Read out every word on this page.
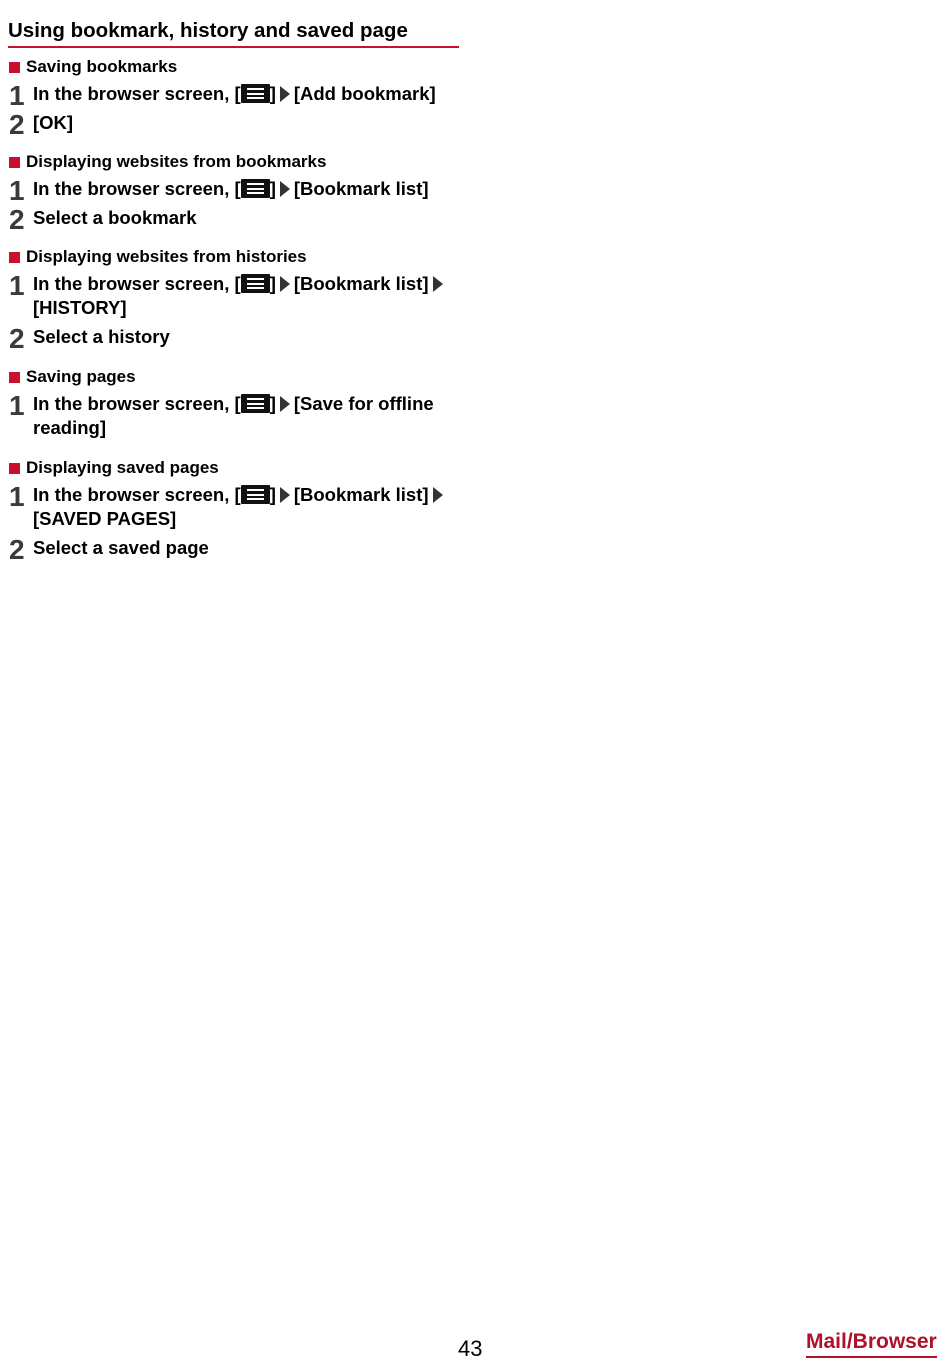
Using bookmark, history and saved page
Saving bookmarks
1 In the browser screen, [ ] [Add bookmark]
2 [OK]
Displaying websites from bookmarks
1 In the browser screen, [ ] [Bookmark list]
2 Select a bookmark
Displaying websites from histories
1 In the browser screen, [ ] [Bookmark list]
[HISTORY]
2 Select a history
Saving pages
1 In the browser screen, [ ] [Save for offline
reading]
Displaying saved pages
1 In the browser screen, [ ] [Bookmark list]
[SAVED PAGES]
2 Select a saved page
43	Mail/Browser
